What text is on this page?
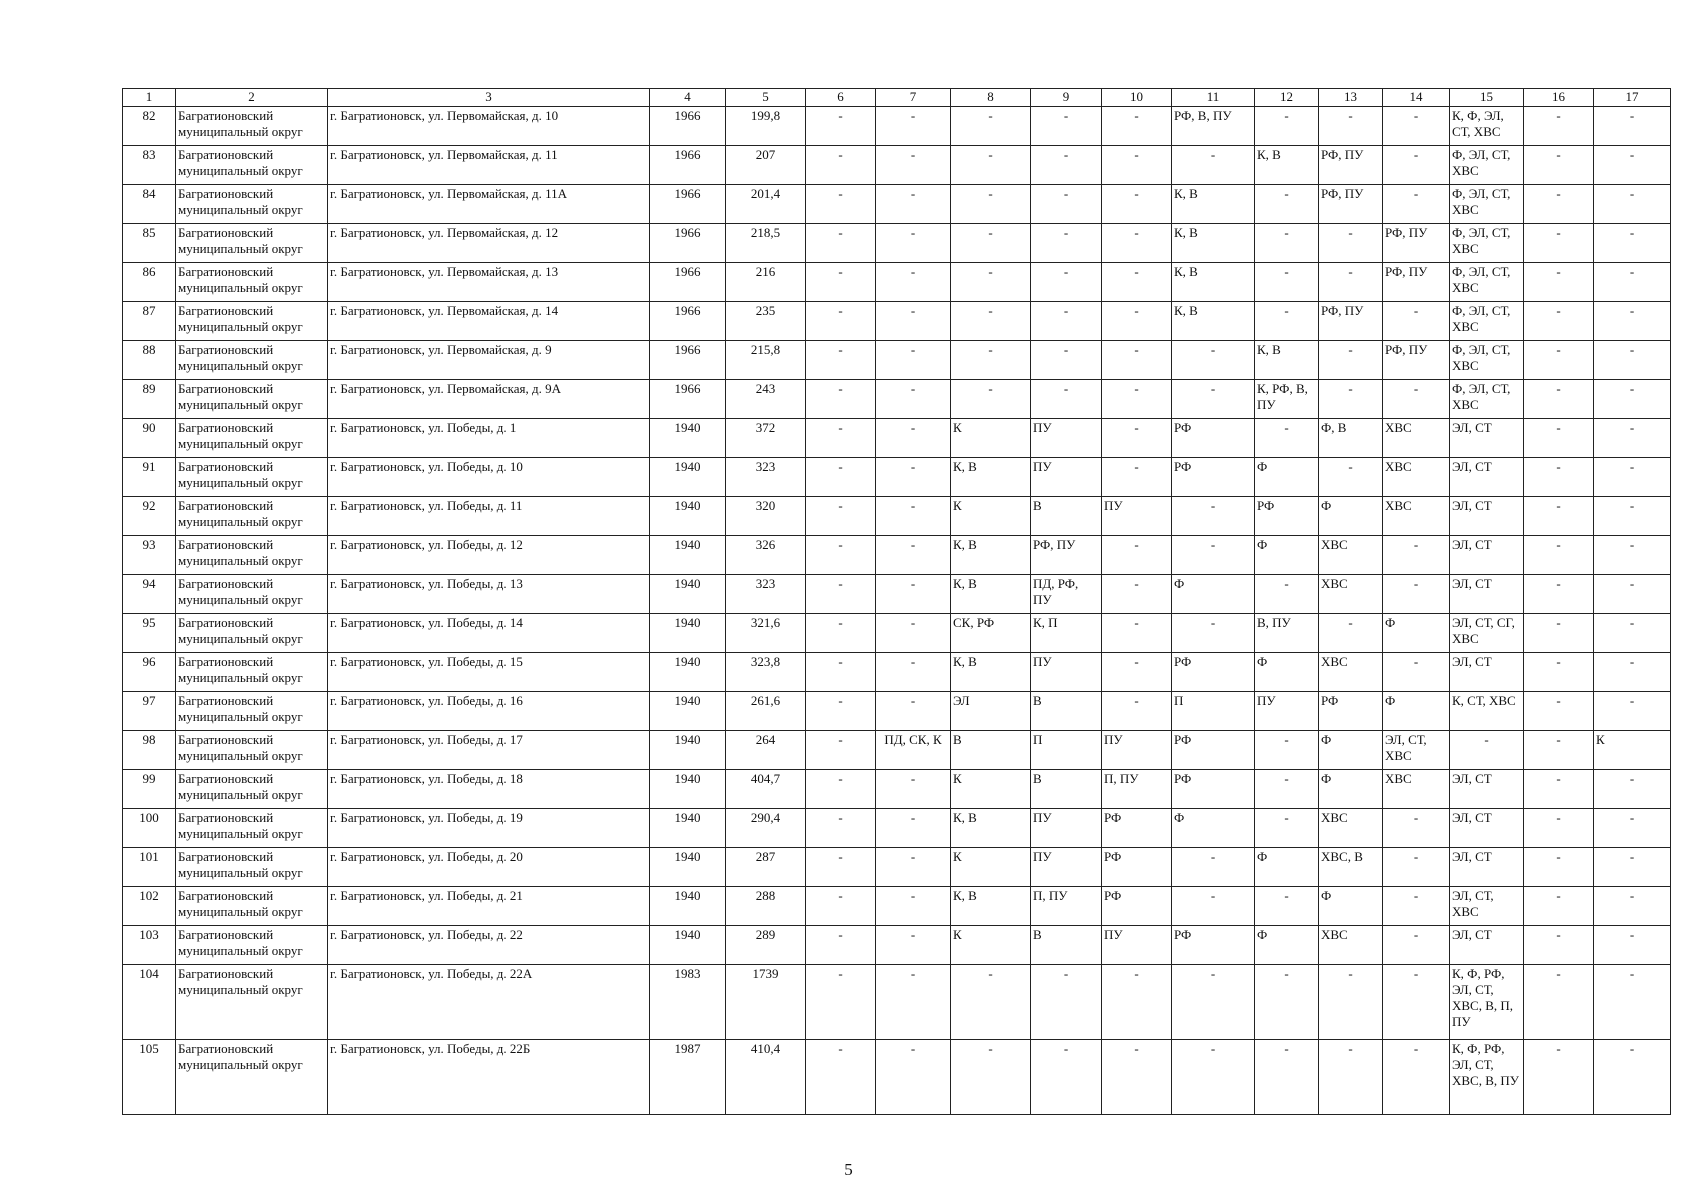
1	2	3	4	5	6	7	8	9	10	11	12	13	14	15	16	17
82	Багратионовский муниципальный округ	г. Багратионовск, ул. Первомайская, д. 10	1966	199,8	-	-	-	-	-	РФ, В, ПУ	-	-	-	К, Ф, ЭЛ, СТ, ХВС	-	-
83	Багратионовский муниципальный округ	г. Багратионовск, ул. Первомайская, д. 11	1966	207	-	-	-	-	-	-	К, В	РФ, ПУ	-	Ф, ЭЛ, СТ, ХВС	-	-
84	Багратионовский муниципальный округ	г. Багратионовск, ул. Первомайская, д. 11А	1966	201,4	-	-	-	-	-	К, В	-	РФ, ПУ	-	Ф, ЭЛ, СТ, ХВС	-	-
85	Багратионовский муниципальный округ	г. Багратионовск, ул. Первомайская, д. 12	1966	218,5	-	-	-	-	-	К, В	-	-	РФ, ПУ	Ф, ЭЛ, СТ, ХВС	-	-
86	Багратионовский муниципальный округ	г. Багратионовск, ул. Первомайская, д. 13	1966	216	-	-	-	-	-	К, В	-	-	РФ, ПУ	Ф, ЭЛ, СТ, ХВС	-	-
87	Багратионовский муниципальный округ	г. Багратионовск, ул. Первомайская, д. 14	1966	235	-	-	-	-	-	К, В	-	РФ, ПУ	-	Ф, ЭЛ, СТ, ХВС	-	-
88	Багратионовский муниципальный округ	г. Багратионовск, ул. Первомайская, д. 9	1966	215,8	-	-	-	-	-	-	К, В	-	РФ, ПУ	Ф, ЭЛ, СТ, ХВС	-	-
89	Багратионовский муниципальный округ	г. Багратионовск, ул. Первомайская, д. 9А	1966	243	-	-	-	-	-	-	К, РФ, В, ПУ	-	-	Ф, ЭЛ, СТ, ХВС	-	-
90	Багратионовский муниципальный округ	г. Багратионовск, ул. Победы, д. 1	1940	372	-	-	К	ПУ	-	РФ	-	Ф, В	ХВС	ЭЛ, СТ	-	-
91	Багратионовский муниципальный округ	г. Багратионовск, ул. Победы, д. 10	1940	323	-	-	К, В	ПУ	-	РФ	Ф	-	ХВС	ЭЛ, СТ	-	-
92	Багратионовский муниципальный округ	г. Багратионовск, ул. Победы, д. 11	1940	320	-	-	К	В	ПУ	-	РФ	Ф	ХВС	ЭЛ, СТ	-	-
93	Багратионовский муниципальный округ	г. Багратионовск, ул. Победы, д. 12	1940	326	-	-	К, В	РФ, ПУ	-	-	Ф	ХВС	-	ЭЛ, СТ	-	-
94	Багратионовский муниципальный округ	г. Багратионовск, ул. Победы, д. 13	1940	323	-	-	К, В	ПД, РФ, ПУ	-	Ф	-	ХВС	-	ЭЛ, СТ	-	-
95	Багратионовский муниципальный округ	г. Багратионовск, ул. Победы, д. 14	1940	321,6	-	-	СК, РФ	К, П	-	-	В, ПУ	-	Ф	ЭЛ, СТ, СГ, ХВС	-	-
96	Багратионовский муниципальный округ	г. Багратионовск, ул. Победы, д. 15	1940	323,8	-	-	К, В	ПУ	-	РФ	Ф	ХВС	-	ЭЛ, СТ	-	-
97	Багратионовский муниципальный округ	г. Багратионовск, ул. Победы, д. 16	1940	261,6	-	-	ЭЛ	В	-	П	ПУ	РФ	Ф	К, СТ, ХВС	-	-
98	Багратионовский муниципальный округ	г. Багратионовск, ул. Победы, д. 17	1940	264	-	ПД, СК, К	В	П	ПУ	РФ	-	Ф	ЭЛ, СТ, ХВС	-	-	К
99	Багратионовский муниципальный округ	г. Багратионовск, ул. Победы, д. 18	1940	404,7	-	-	К	В	П, ПУ	РФ	-	Ф	ХВС	ЭЛ, СТ	-	-
100	Багратионовский муниципальный округ	г. Багратионовск, ул. Победы, д. 19	1940	290,4	-	-	К, В	ПУ	РФ	Ф	-	ХВС	-	ЭЛ, СТ	-	-
101	Багратионовский муниципальный округ	г. Багратионовск, ул. Победы, д. 20	1940	287	-	-	К	ПУ	РФ	-	Ф	ХВС, В	-	ЭЛ, СТ	-	-
102	Багратионовский муниципальный округ	г. Багратионовск, ул. Победы, д. 21	1940	288	-	-	К, В	П, ПУ	РФ	-	-	Ф	-	ЭЛ, СТ, ХВС	-	-
103	Багратионовский муниципальный округ	г. Багратионовск, ул. Победы, д. 22	1940	289	-	-	К	В	ПУ	РФ	Ф	ХВС	-	ЭЛ, СТ	-	-
104	Багратионовский муниципальный округ	г. Багратионовск, ул. Победы, д. 22А	1983	1739	-	-	-	-	-	-	-	-	-	К, Ф, РФ, ЭЛ, СТ, ХВС, В, П, ПУ	-	-
105	Багратионовский муниципальный округ	г. Багратионовск, ул. Победы, д. 22Б	1987	410,4	-	-	-	-	-	-	-	-	-	К, Ф, РФ, ЭЛ, СТ, ХВС, В, ПУ	-	-
5
